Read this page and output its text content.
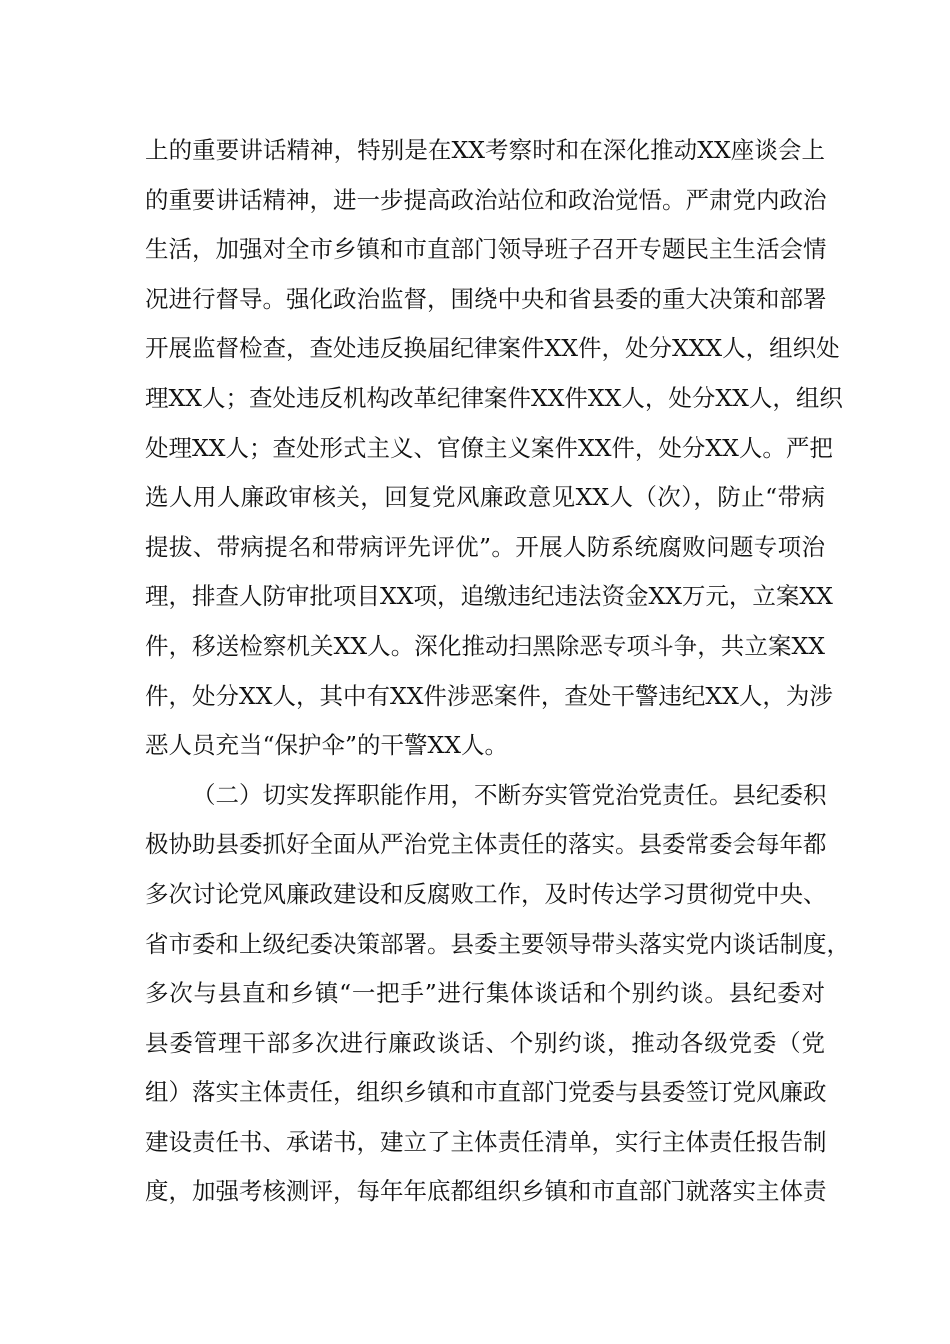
上的重要讲话精神，特别是在XX考察时和在深化推动XX座谈会上
的重要讲话精神，进一步提高政治站位和政治觉悟。严肃党内政治
生活，加强对全市乡镇和市直部门领导班子召开专题民主生活会情
况进行督导。强化政治监督，围绕中央和省县委的重大决策和部署
开展监督检查，查处违反换届纪律案件XX件，处分XXX人，组织处
理XX人；查处违反机构改革纪律案件XX件XX人，处分XX人，组织
处理XX人；查处形式主义、官僚主义案件XX件，处分XX人。严把
选人用人廉政审核关，回复党风廉政意见XX人（次），防止“带病
提拔、带病提名和带病评先评优”。开展人防系统腐败问题专项治
理，排查人防审批项目XX项，追缴违纪违法资金XX万元，立案XX
件，移送检察机关XX人。深化推动扫黑除恶专项斗争，共立案XX
件，处分XX人，其中有XX件涉恶案件，查处干警违纪XX人，为涉
恶人员充当“保护伞”的干警XX人。
（二）切实发挥职能作用，不断夯实管党治党责任。县纪委积
极协助县委抓好全面从严治党主体责任的落实。县委常委会每年都
多次讨论党风廉政建设和反腐败工作，及时传达学习贯彻党中央、
省市委和上级纪委决策部署。县委主要领导带头落实党内谈话制度，
多次与县直和乡镇“一把手”进行集体谈话和个别约谈。县纪委对
县委管理干部多次进行廉政谈话、个别约谈，推动各级党委（党
组）落实主体责任，组织乡镇和市直部门党委与县委签订党风廉政
建设责任书、承诺书，建立了主体责任清单，实行主体责任报告制
度，加强考核测评，每年年底都组织乡镇和市直部门就落实主体责
